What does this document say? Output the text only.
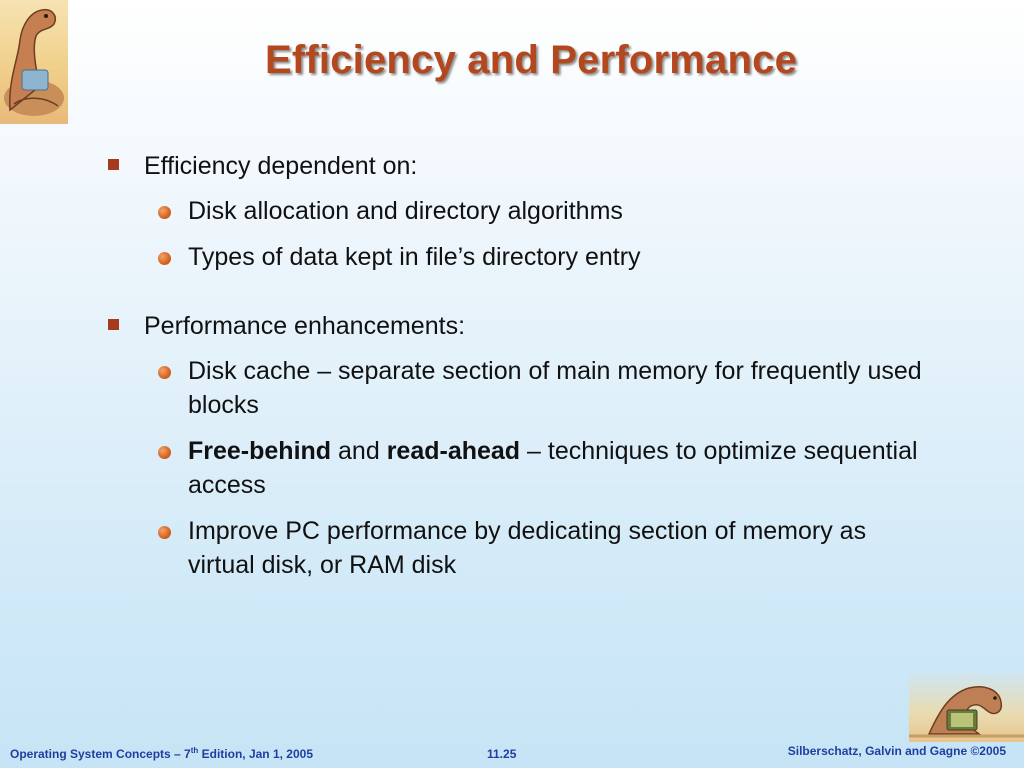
Efficiency and Performance
Efficiency dependent on:
Disk allocation and directory algorithms
Types of data kept in file’s directory entry
Performance enhancements:
Disk cache – separate section of main memory for frequently used blocks
Free-behind and read-ahead – techniques to optimize sequential access
Improve PC performance by dedicating section of memory as virtual disk, or RAM disk
Operating System Concepts – 7th Edition, Jan 1, 2005	11.25	Silberschatz, Galvin and Gagne ©2005
